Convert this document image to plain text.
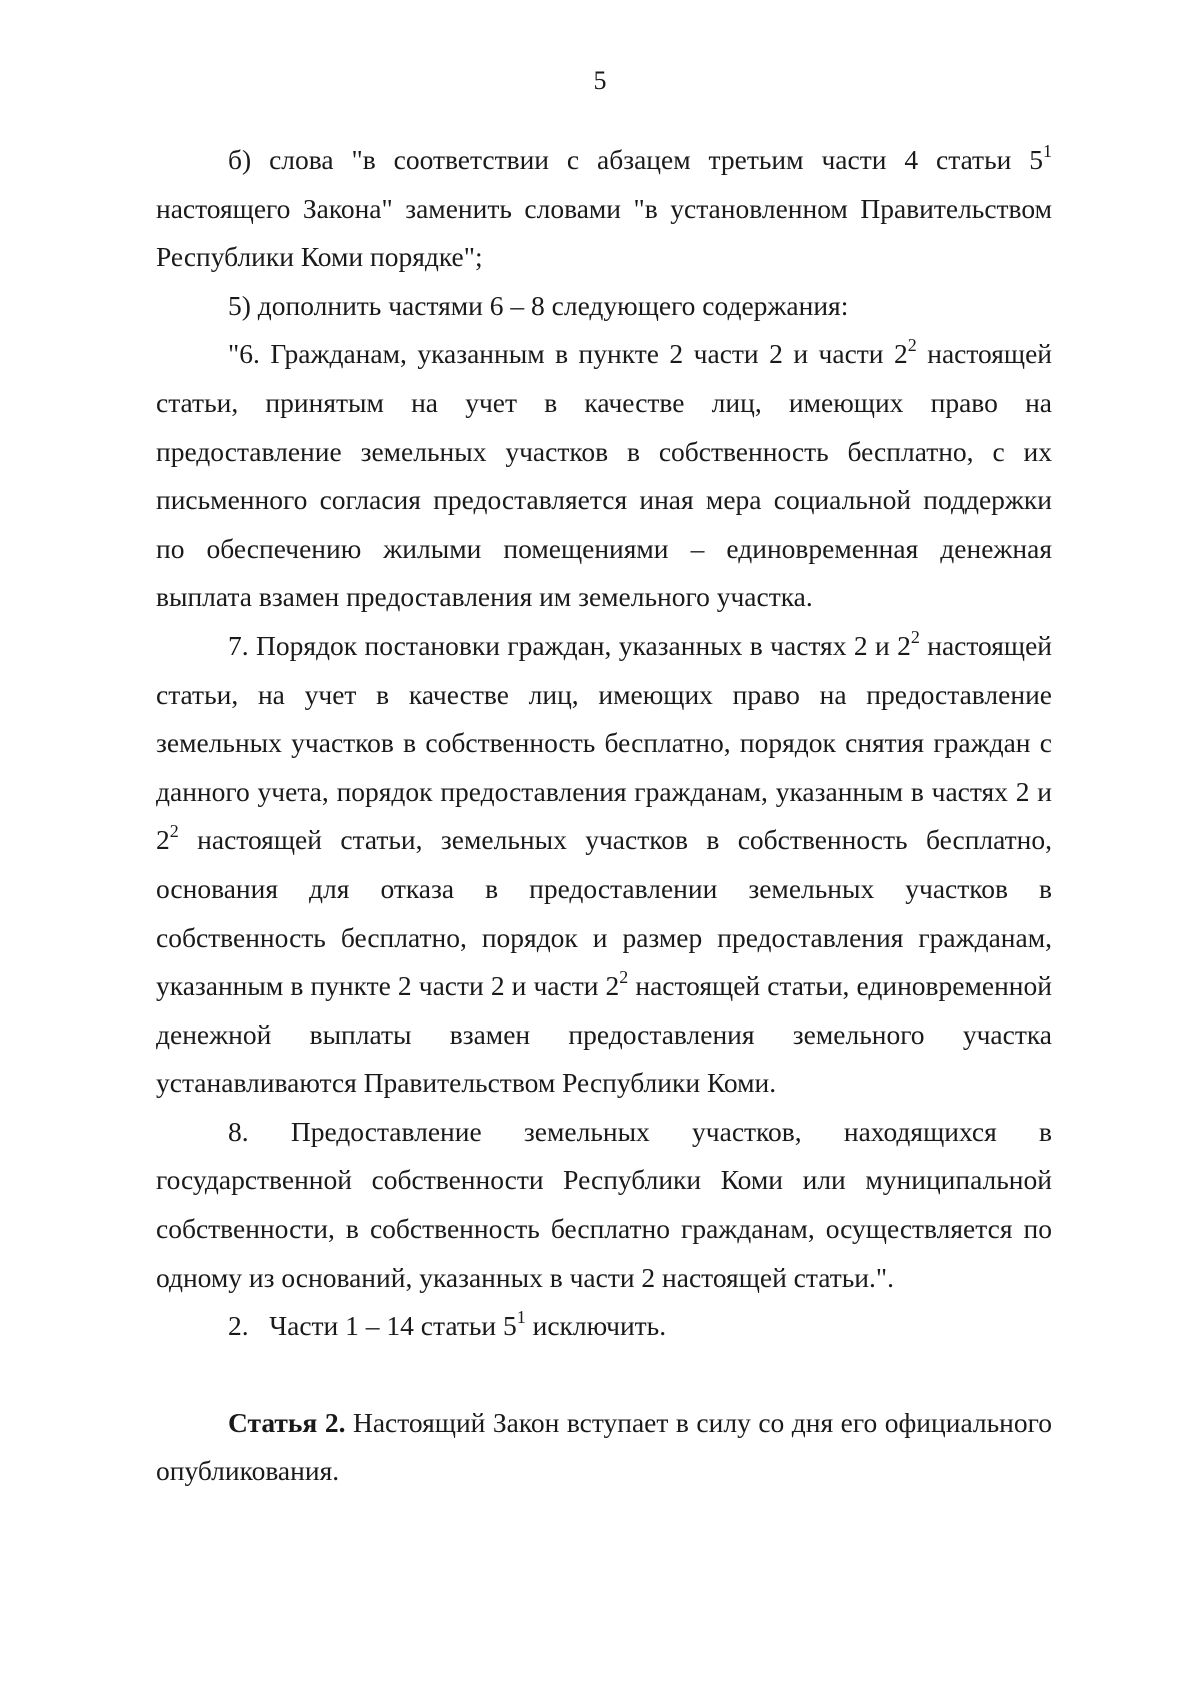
5

б) слова "в соответствии с абзацем третьим части 4 статьи $5^1$ настоящего Закона" заменить словами "в установленном Правительством Республики Коми порядке";

5) дополнить частями 6 – 8 следующего содержания:

"6. Гражданам, указанным в пункте 2 части 2 и части $2^2$ настоящей статьи, принятым на учет в качестве лиц, имеющих право на предоставление земельных участков в собственность бесплатно, с их письменного согласия предоставляется иная мера социальной поддержки по обеспечению жилыми помещениями – единовременная денежная выплата взамен предоставления им земельного участка.

7. Порядок постановки граждан, указанных в частях 2 и $2^2$ настоящей статьи, на учет в качестве лиц, имеющих право на предоставление земельных участков в собственность бесплатно, порядок снятия граждан с данного учета, порядок предоставления гражданам, указанным в частях 2 и $2^2$ настоящей статьи, земельных участков в собственность бесплатно, основания для отказа в предоставлении земельных участков в собственность бесплатно, порядок и размер предоставления гражданам, указанным в пункте 2 части 2 и части $2^2$ настоящей статьи, единовременной денежной выплаты взамен предоставления земельного участка устанавливаются Правительством Республики Коми.

8. Предоставление земельных участков, находящихся в государственной собственности Республики Коми или муниципальной собственности, в собственность бесплатно гражданам, осуществляется по одному из оснований, указанных в части 2 настоящей статьи.".

2.   Части 1 – 14 статьи $5^1$ исключить.

Статья 2. Настоящий Закон вступает в силу со дня его официального опубликования.
